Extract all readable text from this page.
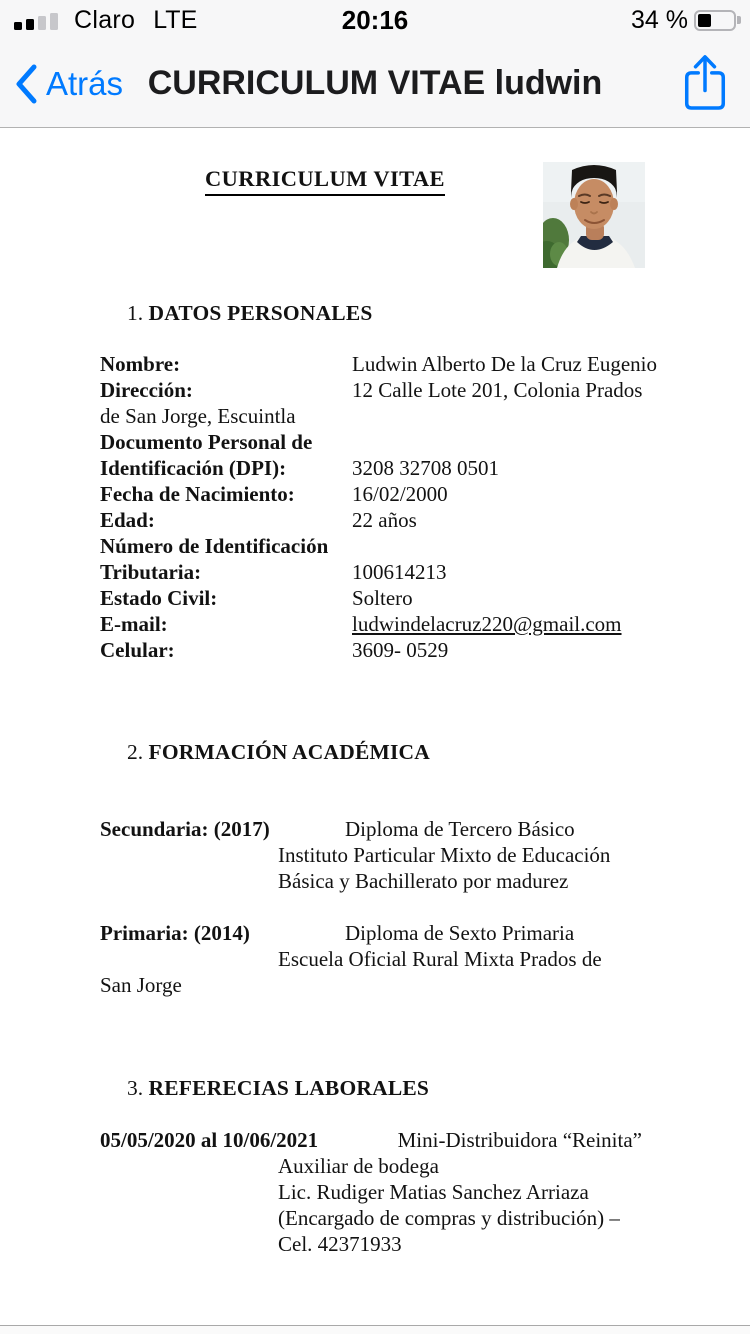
Claro LTE	20:16	34 %
Atrás CURRICULUM VITAE ludwin
CURRICULUM VITAE
1. DATOS PERSONALES
Nombre:	Ludwin Alberto De la Cruz Eugenio
Dirección:	12 Calle Lote 201, Colonia Prados
de San Jorge, Escuintla
Documento Personal de
Identificación (DPI):	3208 32708 0501
Fecha de Nacimiento:	16/02/2000
Edad:	22 años
Número de Identificación
Tributaria:	100614213
Estado Civil:	Soltero
E-mail:	ludwindelacruz220@gmail.com
Celular:	3609- 0529
2. FORMACIÓN ACADÉMICA
Secundaria: (2017)	Diploma de Tercero Básico
Instituto Particular Mixto de Educación
Básica y Bachillerato por madurez
Primaria: (2014)	Diploma de Sexto Primaria
Escuela Oficial Rural Mixta Prados de
San Jorge
3. REFERECIAS LABORALES
05/05/2020 al 10/06/2021	Mini-Distribuidora “Reinita”
Auxiliar de bodega
Lic. Rudiger Matias Sanchez Arriaza
(Encargado de compras y distribución) –
Cel. 42371933
